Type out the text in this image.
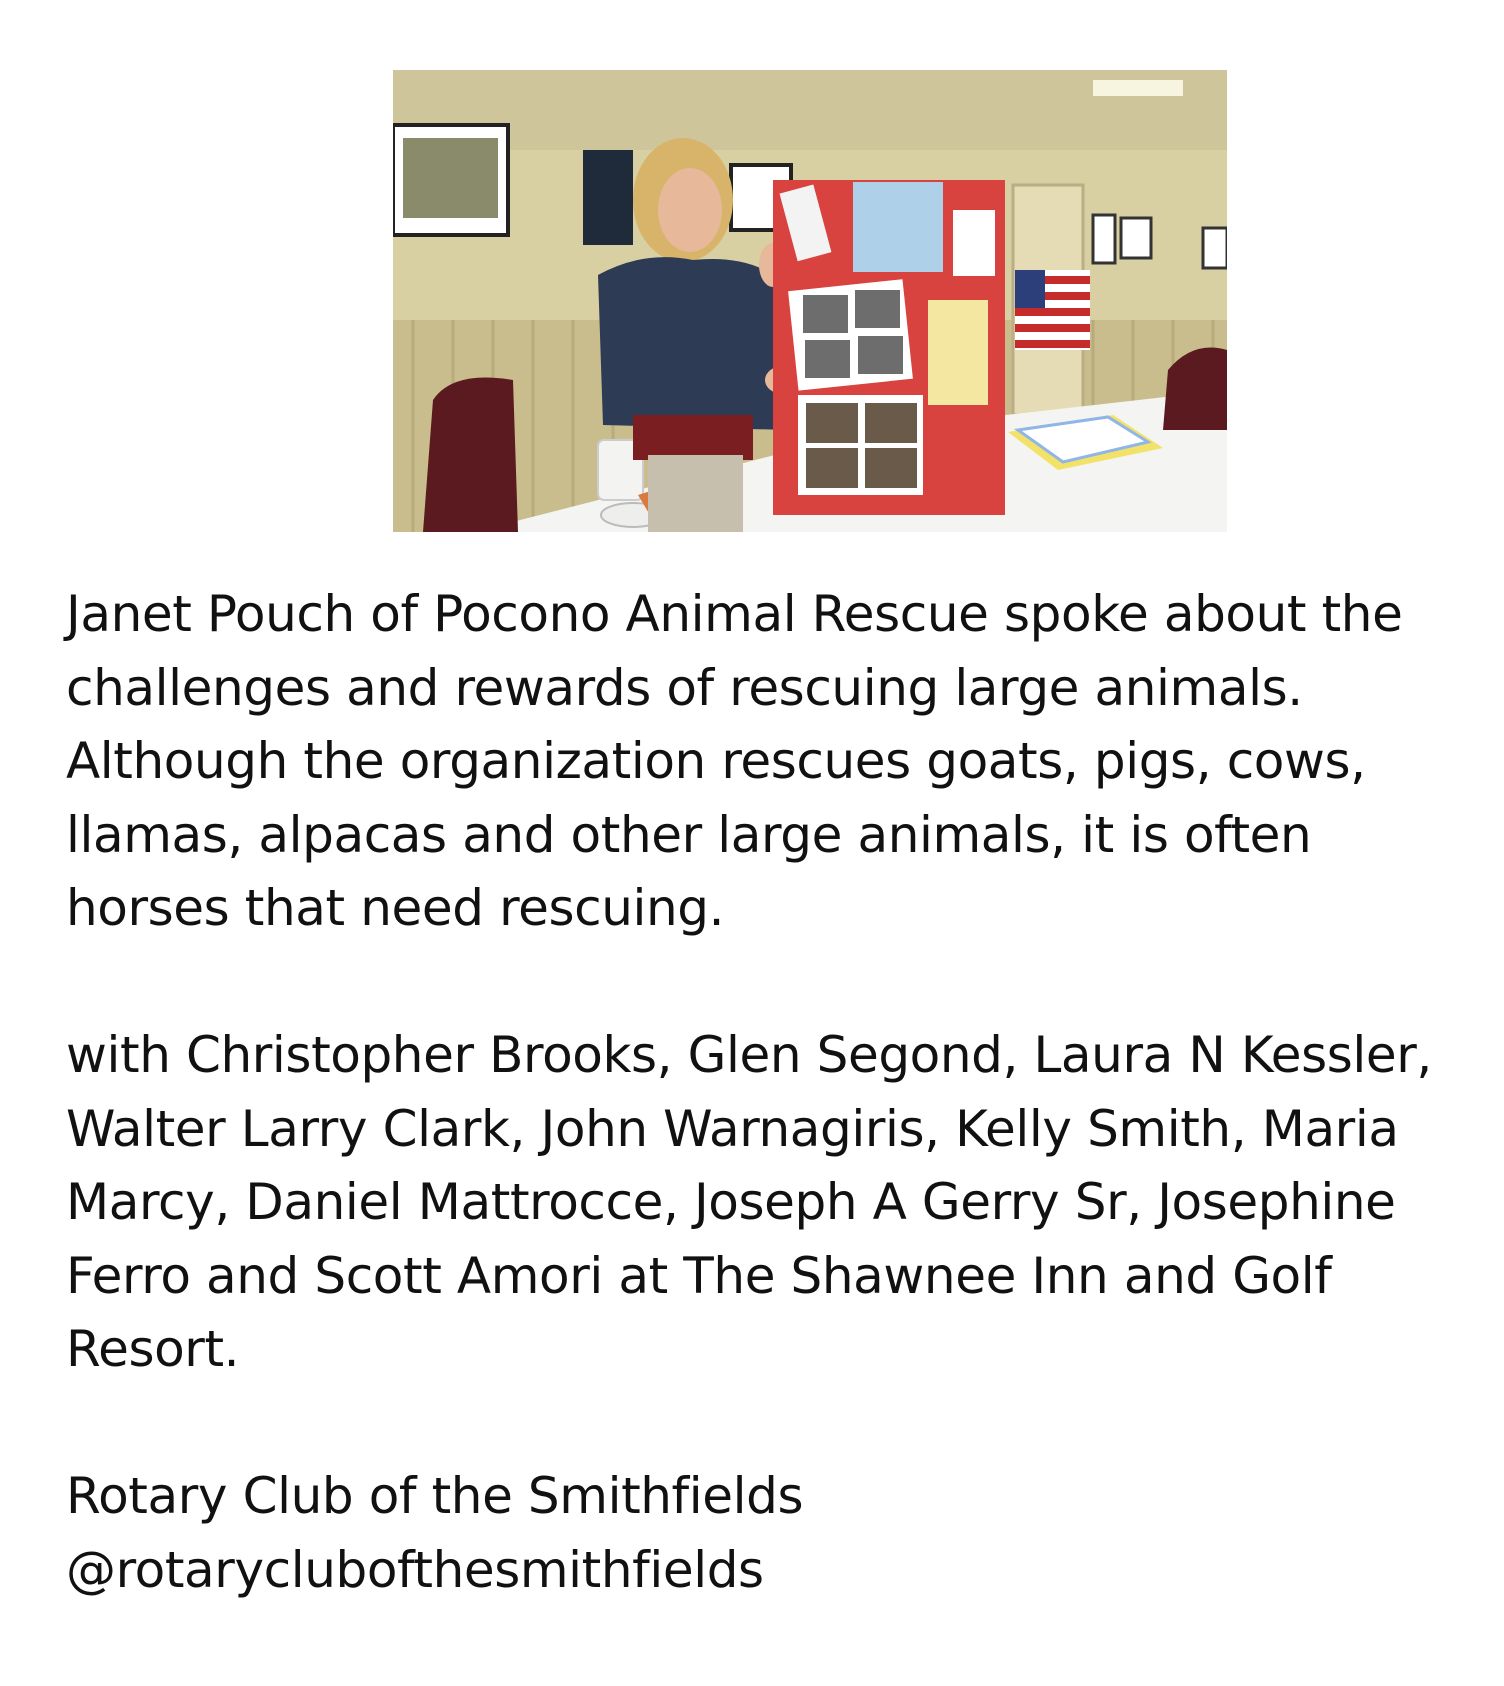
Janet Pouch of Pocono Animal Rescue spoke about the challenges and rewards of rescuing large animals. Although the organization rescues goats, pigs, cows, llamas, alpacas and other large animals, it is often horses that need rescuing.

with Christopher Brooks, Glen Segond, Laura N Kessler, Walter Larry Clark, John Warnagiris, Kelly Smith, Maria Marcy, Daniel Mattrocce, Joseph A Gerry Sr, Josephine Ferro and Scott Amori at The Shawnee Inn and Golf Resort.

Rotary Club of the Smithfields

@rotaryclubofthesmithfields
